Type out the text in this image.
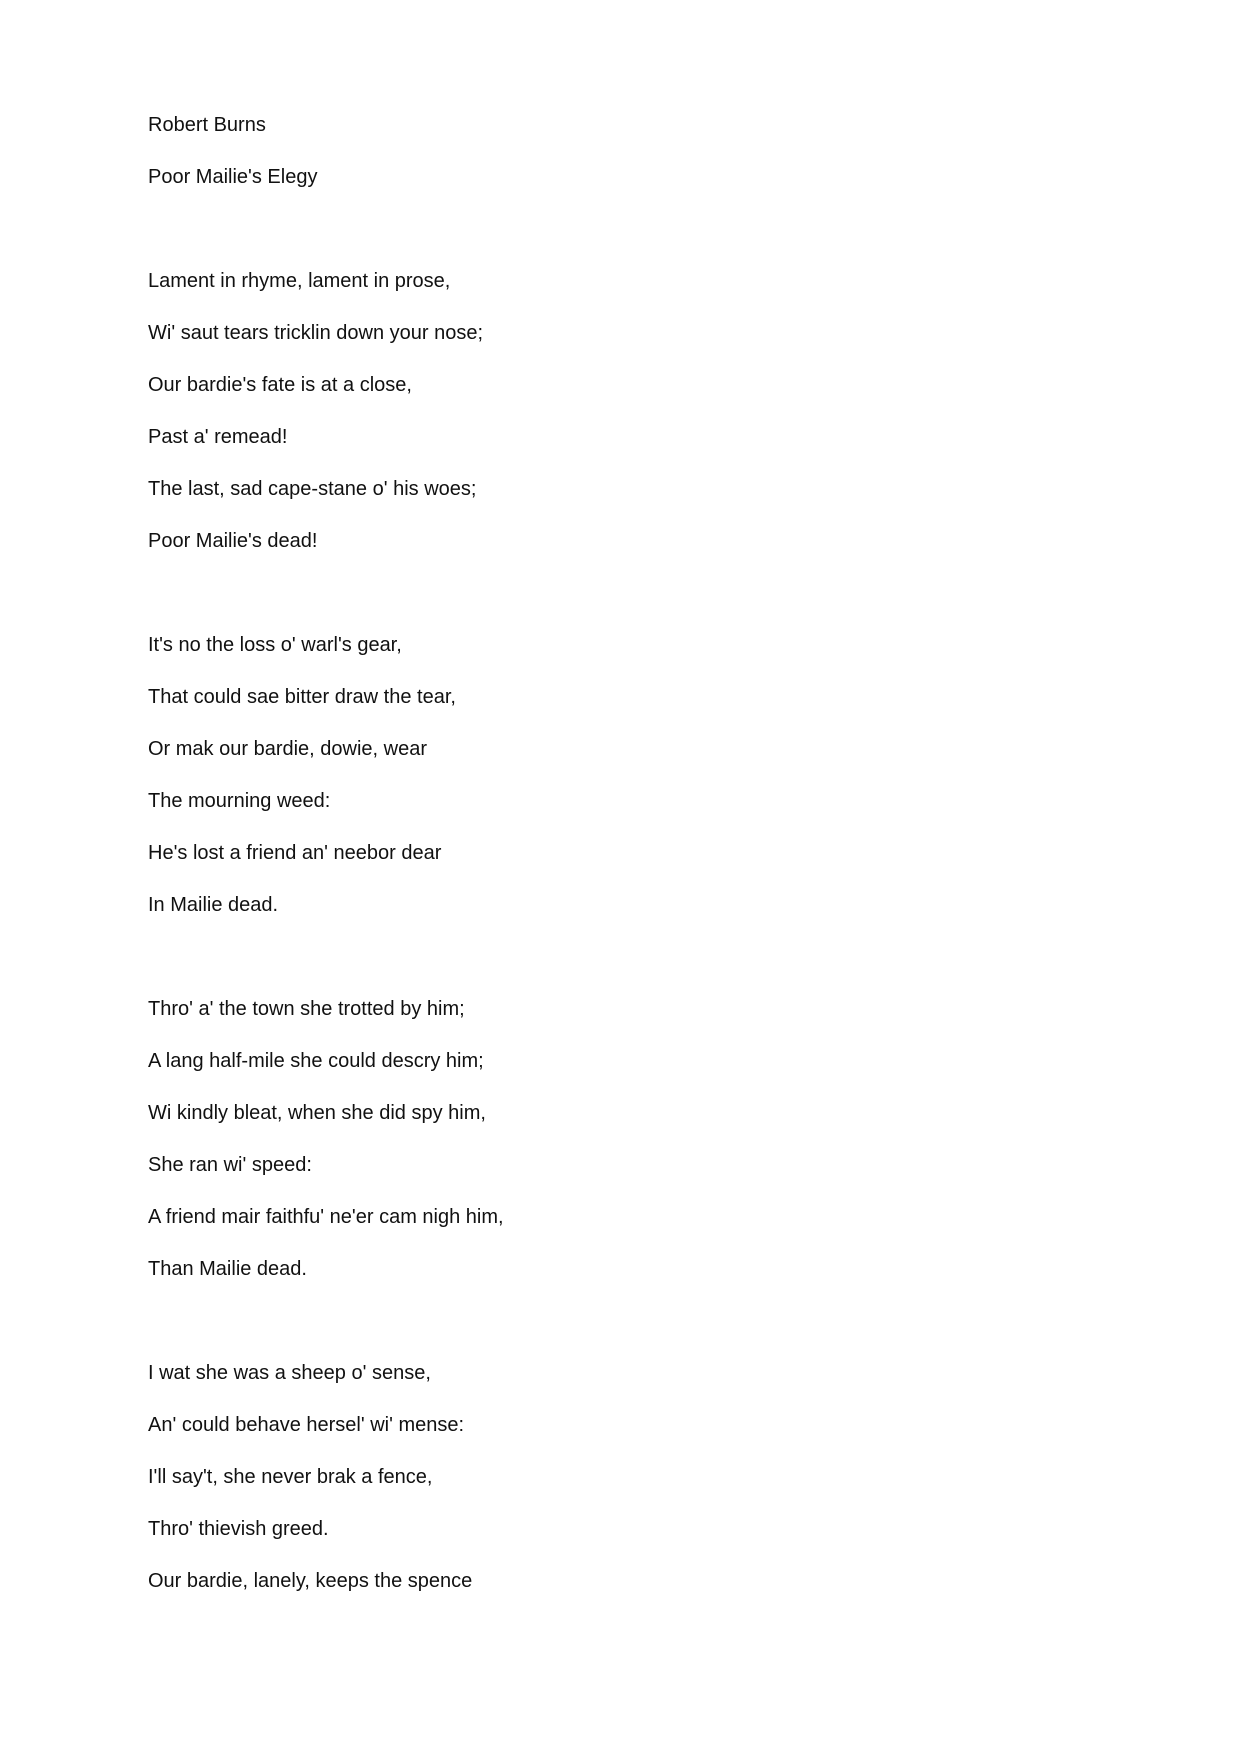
Robert Burns
Poor Mailie's Elegy
Lament in rhyme, lament in prose,
Wi' saut tears tricklin down your nose;
Our bardie's fate is at a close,
Past a' remead!
The last, sad cape-stane o' his woes;
Poor Mailie's dead!
It's no the loss o' warl's gear,
That could sae bitter draw the tear,
Or mak our bardie, dowie, wear
The mourning weed:
He's lost a friend an' neebor dear
In Mailie dead.
Thro' a' the town she trotted by him;
A lang half-mile she could descry him;
Wi kindly bleat, when she did spy him,
She ran wi' speed:
A friend mair faithfu' ne'er cam nigh him,
Than Mailie dead.
I wat she was a sheep o' sense,
An' could behave hersel' wi' mense:
I'll say't, she never brak a fence,
Thro' thievish greed.
Our bardie, lanely, keeps the spence
